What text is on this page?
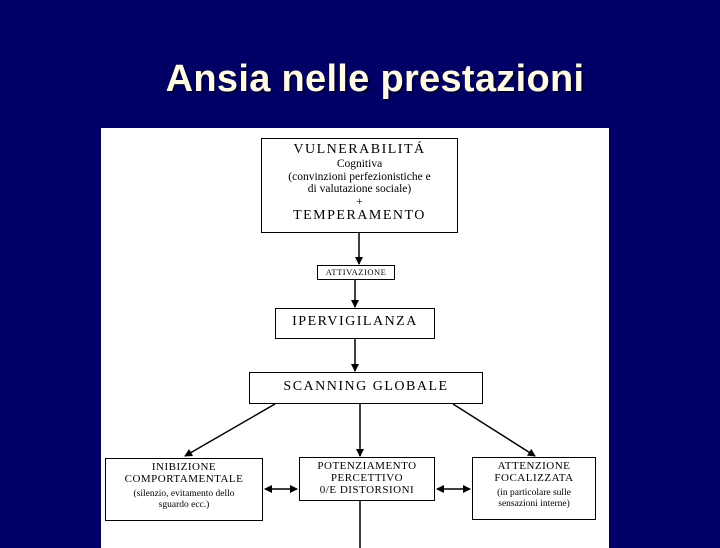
Ansia nelle prestazioni
VULNERABILITÁ
Cognitiva
(convinzioni perfezionistiche e
di valutazione sociale)
+
TEMPERAMENTO
ATTIVAZIONE
IPERVIGILANZA
SCANNING GLOBALE
INIBIZIONE
COMPORTAMENTALE
(silenzio, evitamento dello
sguardo ecc.)
POTENZIAMENTO
PERCETTIVO
0/E DISTORSIONI
ATTENZIONE
FOCALIZZATA
(in particolare sulle
sensazioni interne)
